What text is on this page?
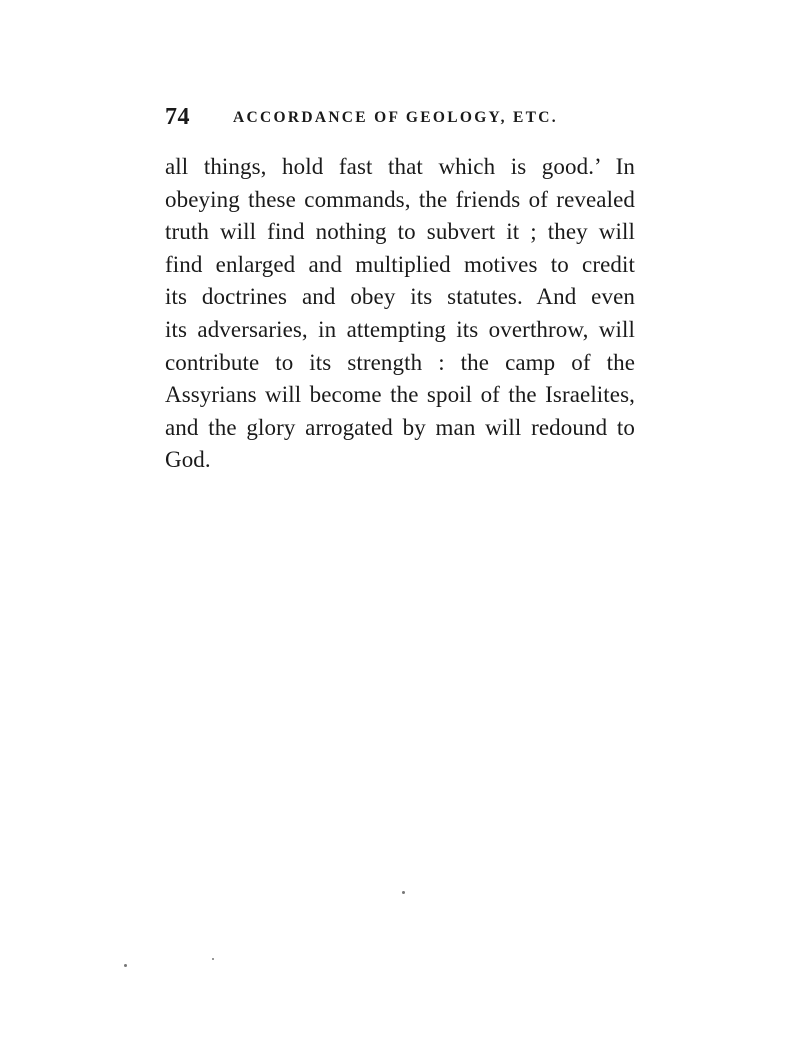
74	ACCORDANCE OF GEOLOGY, ETC.
all things, hold fast that which is good.’ In
obeying these commands, the friends of revealed
truth will find nothing to subvert it ; they will
find enlarged and multiplied motives to credit
its doctrines and obey its statutes. And even
its adversaries, in attempting its overthrow, will
contribute to its strength : the camp of the
Assyrians will become the spoil of the Israelites,
and the glory arrogated by man will redound to
God.
